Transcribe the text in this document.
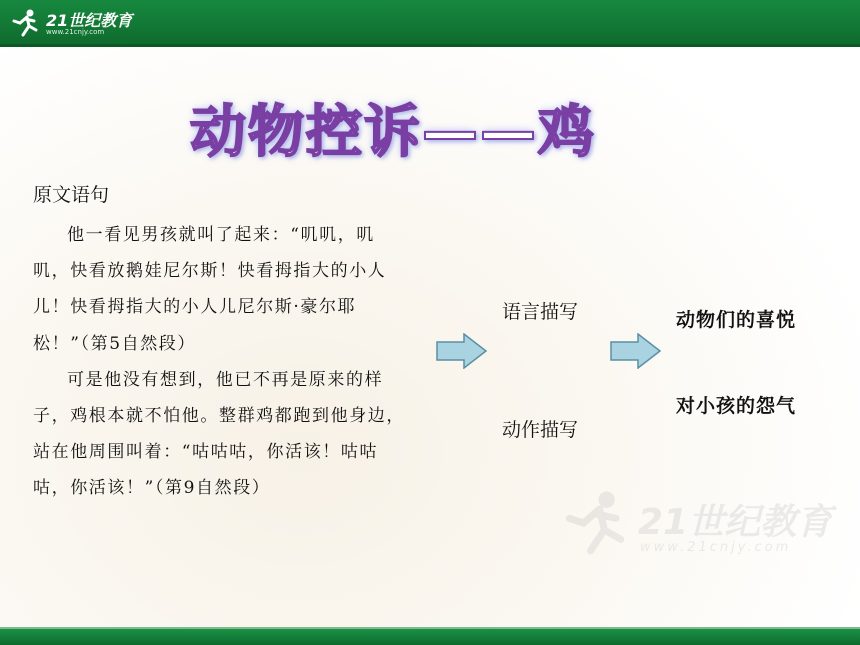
21世纪教育
www.21cnjy.com
动物控诉——鸡
原文语句

他一看见男孩就叫了起来：“叽叽，叽叽，快看放鹅娃尼尔斯！快看拇指大的小人儿！快看拇指大的小人儿尼尔斯·豪尔耶松！”（第5自然段）

可是他没有想到，他已不再是原来的样子，鸡根本就不怕他。整群鸡都跑到他身边，站在他周围叫着：“咕咕咕，你活该！咕咕咕，你活该！”（第9自然段）

语言描写
动作描写
动物们的喜悦
对小孩的怨气
21世纪教育
www.21cnjy.com
